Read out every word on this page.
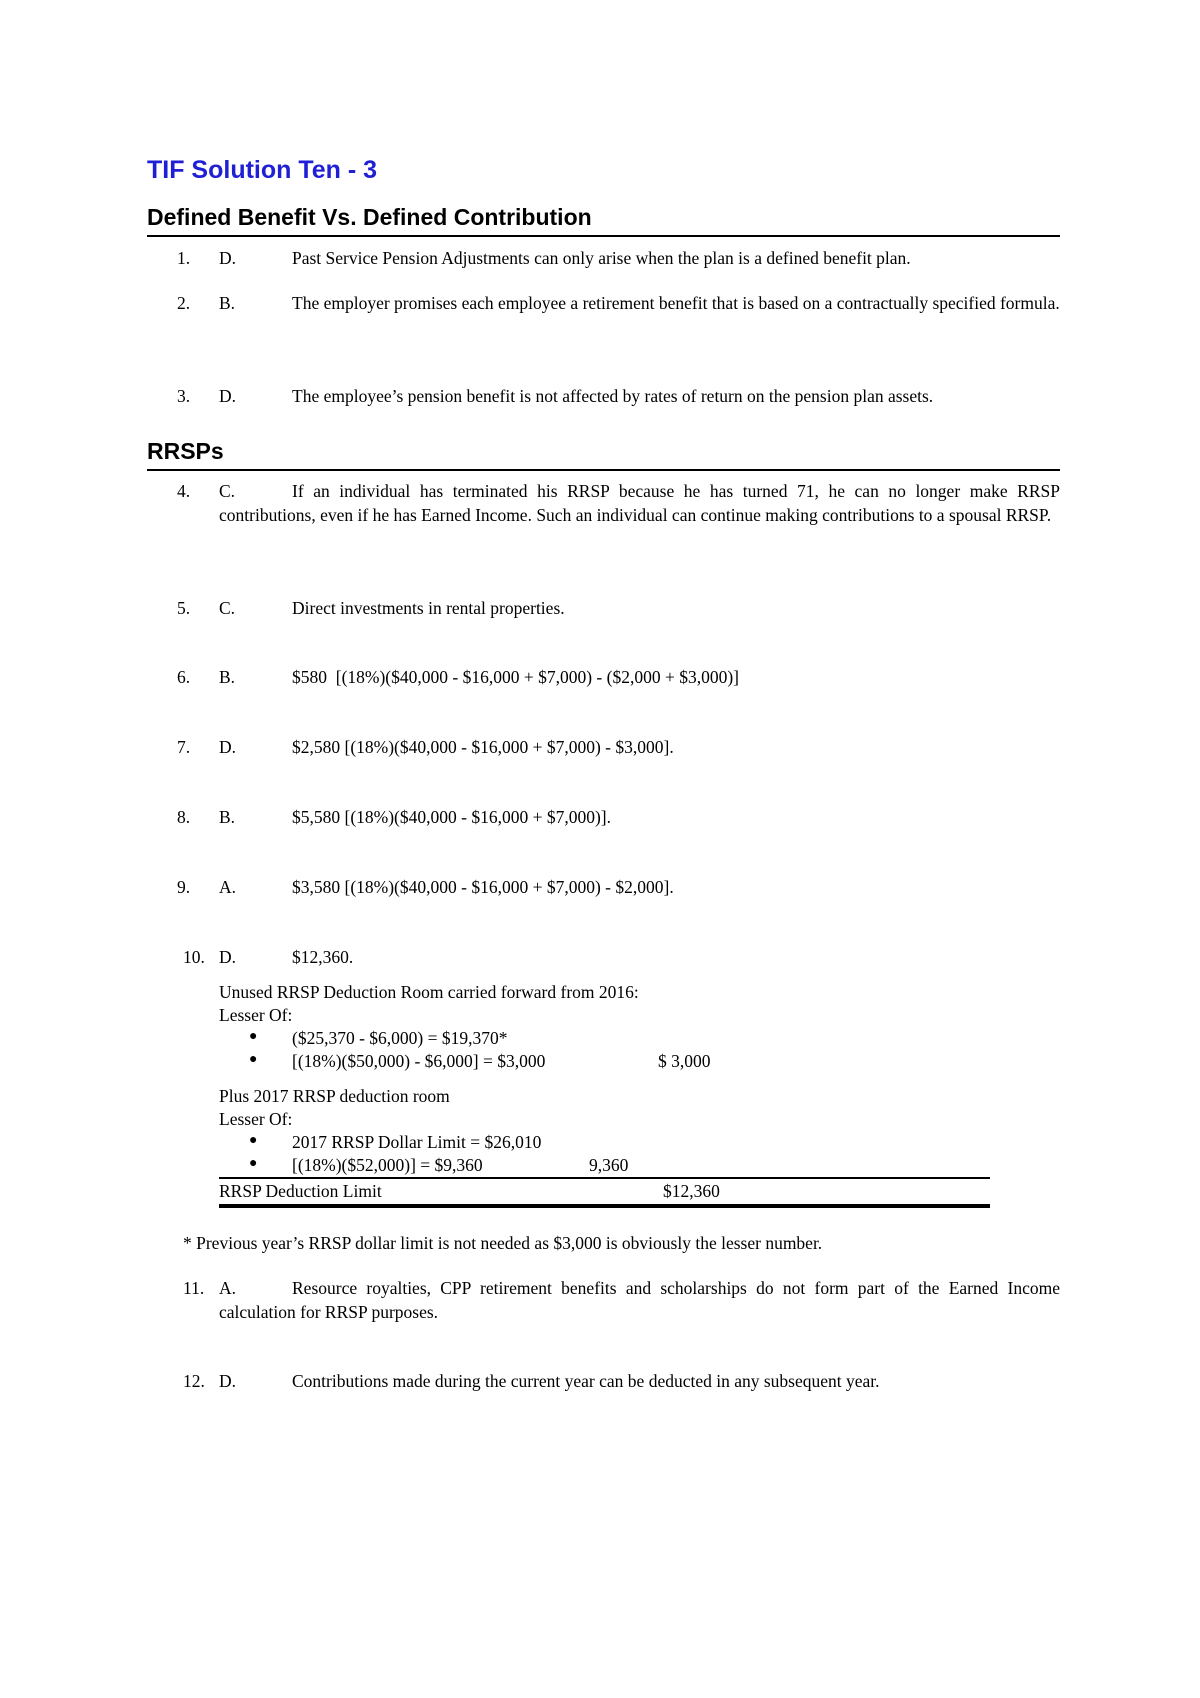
TIF Solution Ten - 3
Defined Benefit Vs. Defined Contribution
1.	D.	Past Service Pension Adjustments can only arise when the plan is a defined benefit plan.
2.	B.	The employer promises each employee a retirement benefit that is based on a contractually specified formula.
3.	D.	The employee’s pension benefit is not affected by rates of return on the pension plan assets.
RRSPs
4.	C.	If an individual has terminated his RRSP because he has turned 71, he can no longer make RRSP contributions, even if he has Earned Income. Such an individual can continue making contributions to a spousal RRSP.
5.	C.	Direct investments in rental properties.
6.	B.	$580  [(18%)($40,000 - $16,000 + $7,000) - ($2,000 + $3,000)]
7.	D.	$2,580 [(18%)($40,000 - $16,000 + $7,000) - $3,000].
8.	B.	$5,580 [(18%)($40,000 - $16,000 + $7,000)].
9.	A.	$3,580 [(18%)($40,000 - $16,000 + $7,000) - $2,000].
10. D.	$12,360.
Unused RRSP Deduction Room carried forward from 2016:
Lesser Of:
● ($25,370 - $6,000) = $19,370*
● [(18%)($50,000) - $6,000] = $3,000	$ 3,000
Plus 2017 RRSP deduction room
Lesser Of:
● 2017 RRSP Dollar Limit = $26,010
● [(18%)($52,000)] = $9,360	9,360
RRSP Deduction Limit	$12,360
* Previous year’s RRSP dollar limit is not needed as $3,000 is obviously the lesser number.
11. A.	Resource royalties, CPP retirement benefits and scholarships do not form part of the Earned Income calculation for RRSP purposes.
12. D.	Contributions made during the current year can be deducted in any subsequent year.
